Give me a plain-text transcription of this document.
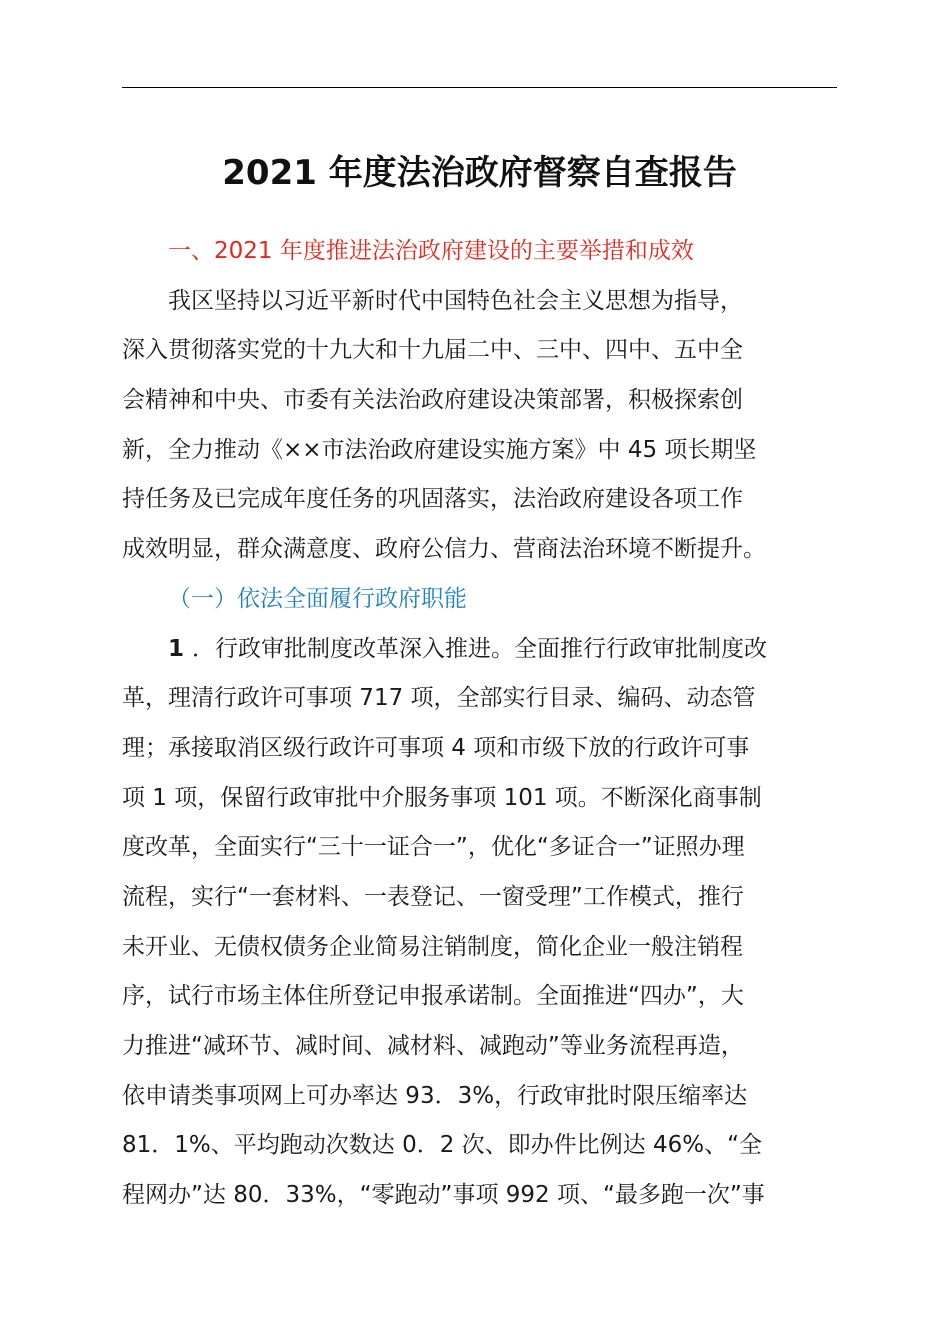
2021 年度法治政府督察自查报告
一、2021 年度推进法治政府建设的主要举措和成效
我区坚持以习近平新时代中国特色社会主义思想为指导，
深入贯彻落实党的十九大和十九届二中、三中、四中、五中全
会精神和中央、市委有关法治政府建设决策部署，积极探索创
新，全力推动《××市法治政府建设实施方案》中 45 项长期坚
持任务及已完成年度任务的巩固落实，法治政府建设各项工作
成效明显，群众满意度、政府公信力、营商法治环境不断提升。
（一）依法全面履行政府职能
1 ．行政审批制度改革深入推进。全面推行行政审批制度改
革，理清行政许可事项 717 项，全部实行目录、编码、动态管
理；承接取消区级行政许可事项 4 项和市级下放的行政许可事
项 1 项，保留行政审批中介服务事项 101 项。不断深化商事制
度改革，全面实行“三十一证合一”，优化“多证合一”证照办理
流程，实行“一套材料、一表登记、一窗受理”工作模式，推行
未开业、无债权债务企业简易注销制度，简化企业一般注销程
序，试行市场主体住所登记申报承诺制。全面推进“四办”，大
力推进“减环节、减时间、减材料、减跑动”等业务流程再造，
依申请类事项网上可办率达 93．3%，行政审批时限压缩率达
81．1%、平均跑动次数达 0．2 次、即办件比例达 46%、“全
程网办”达 80．33%，“零跑动”事项 992 项、“最多跑一次”事
